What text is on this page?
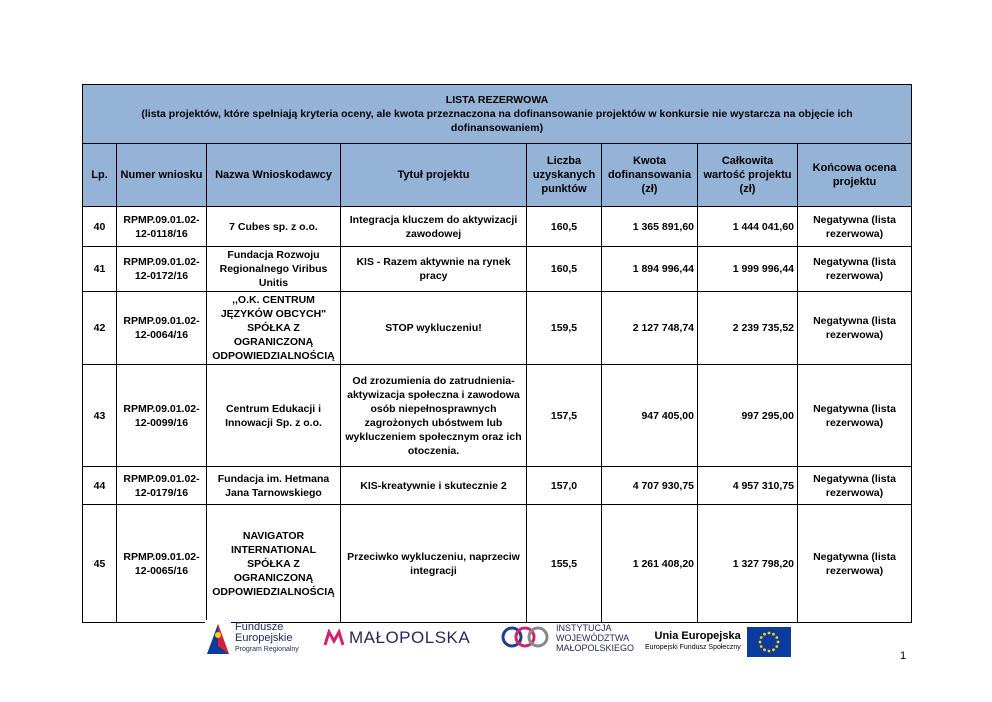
LISTA REZERWOWA
(lista projektów, które spełniają kryteria oceny, ale kwota przeznaczona na dofinansowanie projektów w konkursie nie wystarcza na objęcie ich dofinansowaniem)							

Lp.	Numer wniosku	Nazwa Wnioskodawcy	Tytuł projektu	Liczba uzyskanych punktów	Kwota dofinansowania (zł)	Całkowita wartość projektu (zł)	Końcowa ocena projektu
40	RPMP.09.01.02-12-0118/16	7 Cubes sp. z o.o.	Integracja kluczem do aktywizacji zawodowej	160,5	1 365 891,60	1 444 041,60	Negatywna (lista rezerwowa)
41	RPMP.09.01.02-12-0172/16	Fundacja Rozwoju Regionalnego Viribus Unitis	KIS - Razem aktywnie na rynek pracy	160,5	1 894 996,44	1 999 996,44	Negatywna (lista rezerwowa)
42	RPMP.09.01.02-12-0064/16	,,O.K. CENTRUM JĘZYKÓW OBCYCH" SPÓŁKA Z OGRANICZONĄ ODPOWIEDZIALNOŚCIĄ	STOP wykluczeniu!	159,5	2 127 748,74	2 239 735,52	Negatywna (lista rezerwowa)
43	RPMP.09.01.02-12-0099/16	Centrum Edukacji i Innowacji Sp. z o.o.	Od zrozumienia do zatrudnienia- aktywizacja społeczna i zawodowa osób niepełnosprawnych zagrożonych ubóstwem lub wykluczeniem społecznym oraz ich otoczenia.	157,5	947 405,00	997 295,00	Negatywna (lista rezerwowa)
44	RPMP.09.01.02-12-0179/16	Fundacja im. Hetmana Jana Tarnowskiego	KIS-kreatywnie i skutecznie 2	157,0	4 707 930,75	4 957 310,75	Negatywna (lista rezerwowa)
45	RPMP.09.01.02-12-0065/16	NAVIGATOR INTERNATIONAL SPÓŁKA Z OGRANICZONĄ ODPOWIEDZIALNOŚCIĄ	Przeciwko wykluczeniu, naprzeciw integracji	155,5	1 261 408,20	1 327 798,20	Negatywna (lista rezerwowa)
Fundusze
Europejskie
Program Regionalny
MAŁOPOLSKA	INSTYTUCJA
WOJEWÓDZTWA
MAŁOPOLSKIEGO
Unia Europejska
Europejski Fundusz Społeczny
1
